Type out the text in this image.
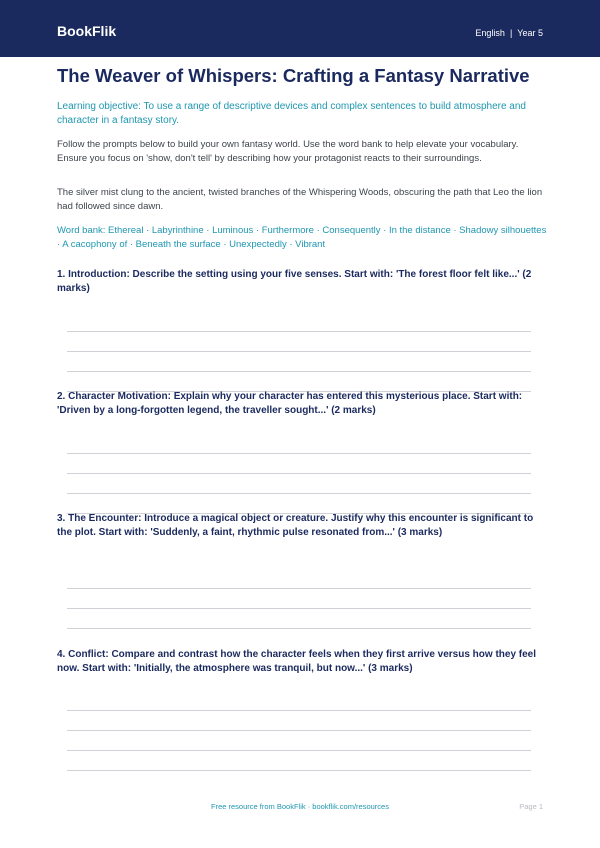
BookFlik	English | Year 5
The Weaver of Whispers: Crafting a Fantasy Narrative

Learning objective: To use a range of descriptive devices and complex sentences to build atmosphere and character in a fantasy story.

Follow the prompts below to build your own fantasy world. Use the word bank to help elevate your vocabulary. Ensure you focus on 'show, don't tell' by describing how your protagonist reacts to their surroundings.

The silver mist clung to the ancient, twisted branches of the Whispering Woods, obscuring the path that Leo the lion had followed since dawn.

Word bank: Ethereal · Labyrinthine · Luminous · Furthermore · Consequently · In the distance · Shadowy silhouettes · A cacophony of · Beneath the surface · Unexpectedly · Vibrant

1. Introduction: Describe the setting using your five senses. Start with: 'The forest floor felt like...' (2 marks)

2. Character Motivation: Explain why your character has entered this mysterious place. Start with: 'Driven by a long-forgotten legend, the traveller sought...' (2 marks)

3. The Encounter: Introduce a magical object or creature. Justify why this encounter is significant to the plot. Start with: 'Suddenly, a faint, rhythmic pulse resonated from...' (3 marks)

4. Conflict: Compare and contrast how the character feels when they first arrive versus how they feel now. Start with: 'Initially, the atmosphere was tranquil, but now...' (3 marks)

Free resource from BookFlik · bookflik.com/resources	Page 1
